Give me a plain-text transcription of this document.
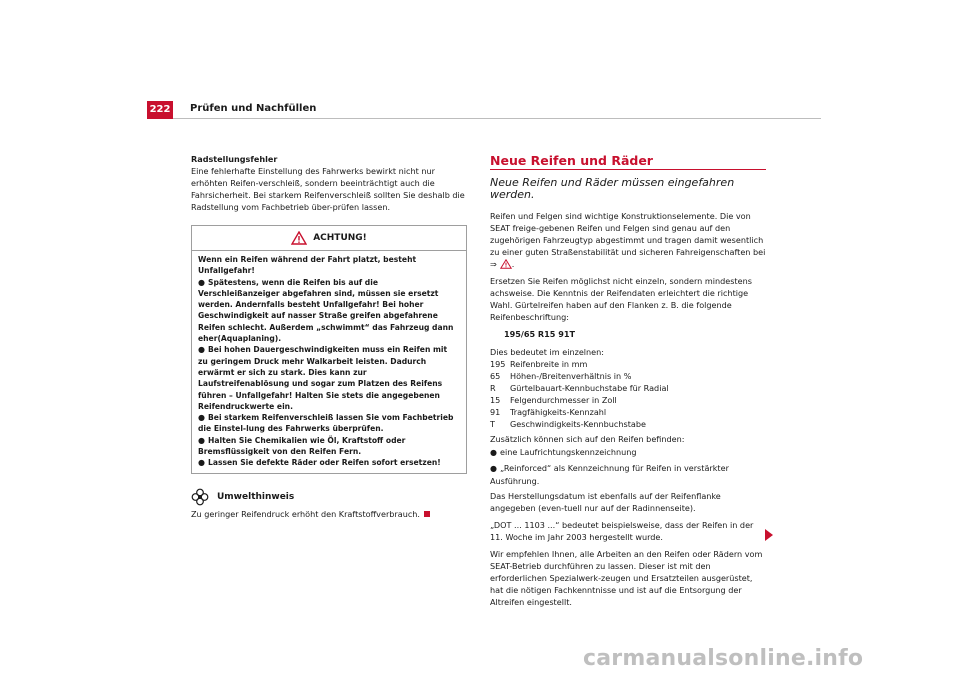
222 Prüfen und Nachfüllen

Radstellungsfehler

Eine fehlerhafte Einstellung des Fahrwerks bewirkt nicht nur erhöhten Reifen-verschleiß, sondern beeinträchtigt auch die Fahrsicherheit. Bei starkem Reifenverschleiß sollten Sie deshalb die Radstellung vom Fachbetrieb über-prüfen lassen.

ACHTUNG!

Wenn ein Reifen während der Fahrt platzt, besteht Unfallgefahr!

● Spätestens, wenn die Reifen bis auf die Verschleißanzeiger abgefahren sind, müssen sie ersetzt werden. Andernfalls besteht Unfallgefahr! Bei hoher Geschwindigkeit auf nasser Straße greifen abgefahrene Reifen schlecht. Außerdem „schwimmt“ das Fahrzeug dann eher(Aquaplaning).

● Bei hohen Dauergeschwindigkeiten muss ein Reifen mit zu geringem Druck mehr Walkarbeit leisten. Dadurch erwärmt er sich zu stark. Dies kann zur Laufstreifenablösung und sogar zum Platzen des Reifens führen – Unfallgefahr! Halten Sie stets die angegebenen Reifendruckwerte ein.

● Bei starkem Reifenverschleiß lassen Sie vom Fachbetrieb die Einstel-lung des Fahrwerks überprüfen.

● Halten Sie Chemikalien wie Öl, Kraftstoff oder Bremsflüssigkeit von den Reifen Fern.

● Lassen Sie defekte Räder oder Reifen sofort ersetzen!

Umwelthinweis

Zu geringer Reifendruck erhöht den Kraftstoffverbrauch.

Neue Reifen und Räder

Neue Reifen und Räder müssen eingefahren werden.

Reifen und Felgen sind wichtige Konstruktionselemente. Die von SEAT freige-gebenen Reifen und Felgen sind genau auf den zugehörigen Fahrzeugtyp abgestimmt und tragen damit wesentlich zu einer guten Straßenstabilität und sicheren Fahreigenschaften bei ⇒ .

Ersetzen Sie Reifen möglichst nicht einzeln, sondern mindestens achsweise. Die Kenntnis der Reifendaten erleichtert die richtige Wahl. Gürtelreifen haben auf den Flanken z. B. die folgende Reifenbeschriftung:

195/65 R15 91T

Dies bedeutet im einzelnen:

195 Reifenbreite in mm
65	Höhen-/Breitenverhältnis in %
R	Gürtelbauart-Kennbuchstabe für Radial
15	Felgendurchmesser in Zoll
91	Tragfähigkeits-Kennzahl
T	Geschwindigkeits-Kennbuchstabe

Zusätzlich können sich auf den Reifen befinden:

● eine Laufrichtungskennzeichnung

● „Reinforced“ als Kennzeichnung für Reifen in verstärkter Ausführung.

Das Herstellungsdatum ist ebenfalls auf der Reifenflanke angegeben (even-tuell nur auf der Radinnenseite).

„DOT ... 1103 ...“ bedeutet beispielsweise, dass der Reifen in der 11. Woche im Jahr 2003 hergestellt wurde.

Wir empfehlen Ihnen, alle Arbeiten an den Reifen oder Rädern vom SEAT-Betrieb durchführen zu lassen. Dieser ist mit den erforderlichen Spezialwerk-zeugen und Ersatzteilen ausgerüstet, hat die nötigen Fachkenntnisse und ist auf die Entsorgung der Altreifen eingestellt.

carmanualsonline.info
